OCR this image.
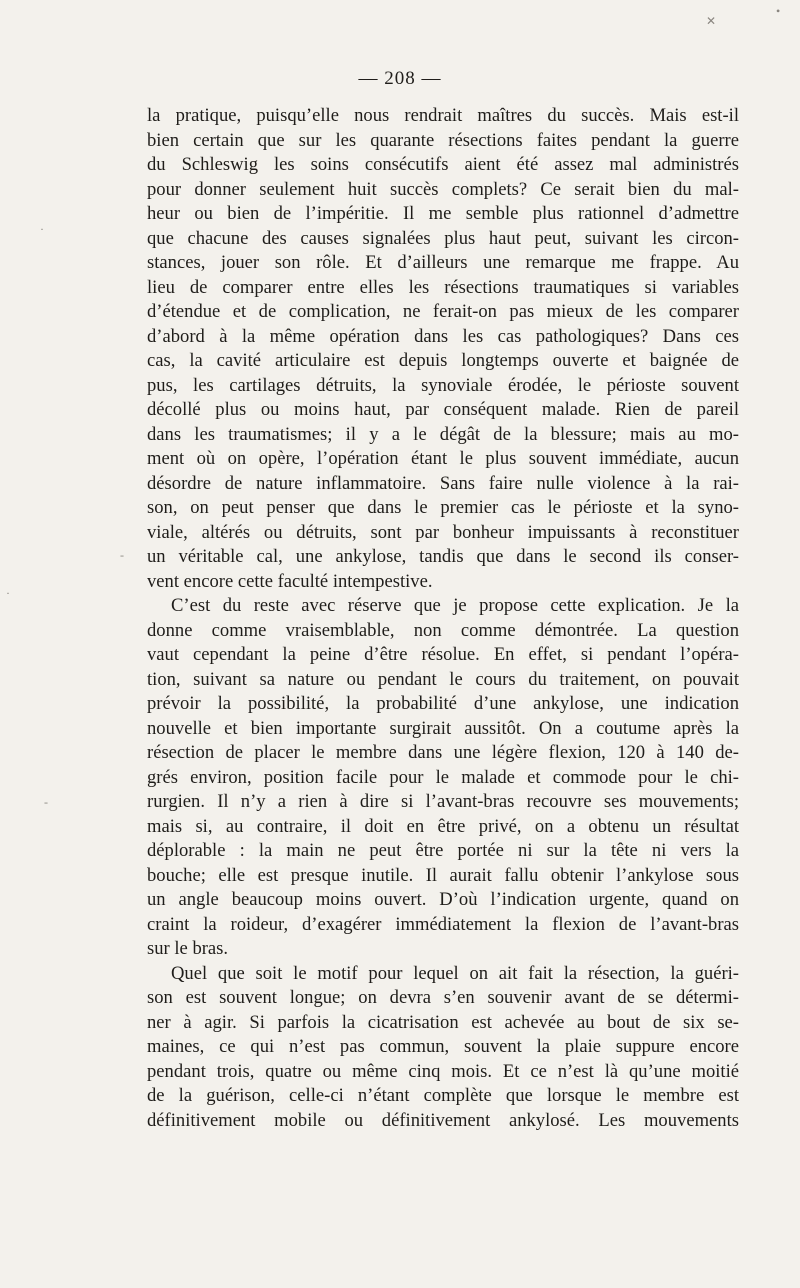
— 208 —
la pratique, puisqu’elle nous rendrait maîtres du succès. Mais est-il
bien certain que sur les quarante résections faites pendant la guerre
du Schleswig les soins consécutifs aient été assez mal administrés
pour donner seulement huit succès complets? Ce serait bien du mal-
heur ou bien de l’impéritie. Il me semble plus rationnel d’admettre
que chacune des causes signalées plus haut peut, suivant les circon-
stances, jouer son rôle. Et d’ailleurs une remarque me frappe. Au
lieu de comparer entre elles les résections traumatiques si variables
d’étendue et de complication, ne ferait-on pas mieux de les comparer
d’abord à la même opération dans les cas pathologiques? Dans ces
cas, la cavité articulaire est depuis longtemps ouverte et baignée de
pus, les cartilages détruits, la synoviale érodée, le périoste souvent
décollé plus ou moins haut, par conséquent malade. Rien de pareil
dans les traumatismes; il y a le dégât de la blessure; mais au mo-
ment où on opère, l’opération étant le plus souvent immédiate, aucun
désordre de nature inflammatoire. Sans faire nulle violence à la rai-
son, on peut penser que dans le premier cas le périoste et la syno-
viale, altérés ou détruits, sont par bonheur impuissants à reconstituer
un véritable cal, une ankylose, tandis que dans le second ils conser-
vent encore cette faculté intempestive.
C’est du reste avec réserve que je propose cette explication. Je la
donne comme vraisemblable, non comme démontrée. La question
vaut cependant la peine d’être résolue. En effet, si pendant l’opéra-
tion, suivant sa nature ou pendant le cours du traitement, on pouvait
prévoir la possibilité, la probabilité d’une ankylose, une indication
nouvelle et bien importante surgirait aussitôt. On a coutume après la
résection de placer le membre dans une légère flexion, 120 à 140 de-
grés environ, position facile pour le malade et commode pour le chi-
rurgien. Il n’y a rien à dire si l’avant-bras recouvre ses mouvements;
mais si, au contraire, il doit en être privé, on a obtenu un résultat
déplorable : la main ne peut être portée ni sur la tête ni vers la
bouche; elle est presque inutile. Il aurait fallu obtenir l’ankylose sous
un angle beaucoup moins ouvert. D’où l’indication urgente, quand on
craint la roideur, d’exagérer immédiatement la flexion de l’avant-bras
sur le bras.
Quel que soit le motif pour lequel on ait fait la résection, la guéri-
son est souvent longue; on devra s’en souvenir avant de se détermi-
ner à agir. Si parfois la cicatrisation est achevée au bout de six se-
maines, ce qui n’est pas commun, souvent la plaie suppure encore
pendant trois, quatre ou même cinq mois. Et ce n’est là qu’une moitié
de la guérison, celle-ci n’étant complète que lorsque le membre est
définitivement mobile ou définitivement ankylosé. Les mouvements
✕
•
·
-
·
-
